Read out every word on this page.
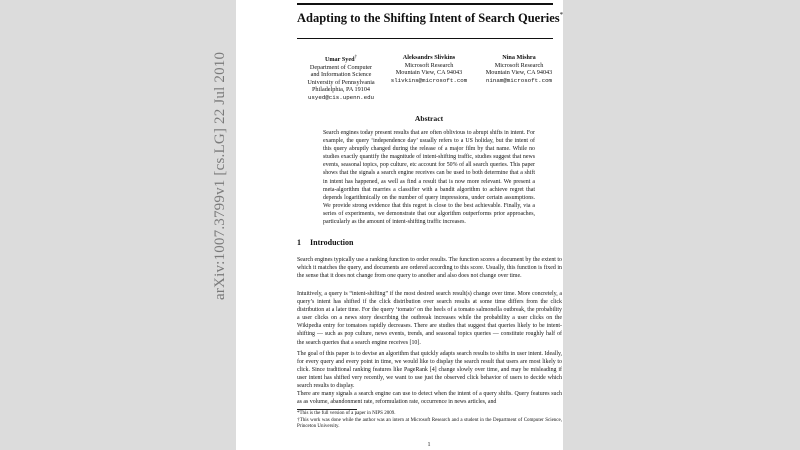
arXiv:1007.3799v1 [cs.LG] 22 Jul 2010
Adapting to the Shifting Intent of Search Queries*
Umar Syed†
Department of Computer
and Information Science
University of Pennsylvania
Philadelphia, PA 19104
usyed@cis.upenn.edu
Aleksandrs Slivkins
Microsoft Research
Mountain View, CA 94043
slivkins@microsoft.com
Nina Mishra
Microsoft Research
Mountain View, CA 94043
ninam@microsoft.com
Abstract
Search engines today present results that are often oblivious to abrupt shifts in intent. For example, the query ‘independence day’ usually refers to a US holiday, but the intent of this query abruptly changed during the release of a major film by that name. While no studies exactly quantify the magnitude of intent-shifting traffic, studies suggest that news events, seasonal topics, pop culture, etc account for 50% of all search queries. This paper shows that the signals a search engine receives can be used to both determine that a shift in intent has happened, as well as find a result that is now more relevant. We present a meta-algorithm that marries a classifier with a bandit algorithm to achieve regret that depends logarithmically on the number of query impressions, under certain assumptions. We provide strong evidence that this regret is close to the best achievable. Finally, via a series of experiments, we demonstrate that our algorithm outperforms prior approaches, particularly as the amount of intent-shifting traffic increases.
1 Introduction

Search engines typically use a ranking function to order results. The function scores a document by the extent to which it matches the query, and documents are ordered according to this score. Usually, this function is fixed in the sense that it does not change from one query to another and also does not change over time.

Intuitively, a query is “intent-shifting” if the most desired search result(s) change over time. More concretely, a query’s intent has shifted if the click distribution over search results at some time differs from the click distribution at a later time. For the query ‘tomato’ on the heels of a tomato salmonella outbreak, the probability a user clicks on a news story describing the outbreak increases while the probability a user clicks on the Wikipedia entry for tomatoes rapidly decreases. There are studies that suggest that queries likely to be intent-shifting — such as pop culture, news events, trends, and seasonal topics queries — constitute roughly half of the search queries that a search engine receives [10].

The goal of this paper is to devise an algorithm that quickly adapts search results to shifts in user intent. Ideally, for every query and every point in time, we would like to display the search result that users are most likely to click. Since traditional ranking features like PageRank [4] change slowly over time, and may be misleading if user intent has shifted very recently, we want to use just the observed click behavior of users to decide which search results to display.

There are many signals a search engine can use to detect when the intent of a query shifts. Query features such as as volume, abandonment rate, reformulation rate, occurrence in news articles, and

*This is the full version of a paper in NIPS 2009.
†This work was done while the author was an intern at Microsoft Research and a student in the Department of Computer Science, Princeton University.
1
